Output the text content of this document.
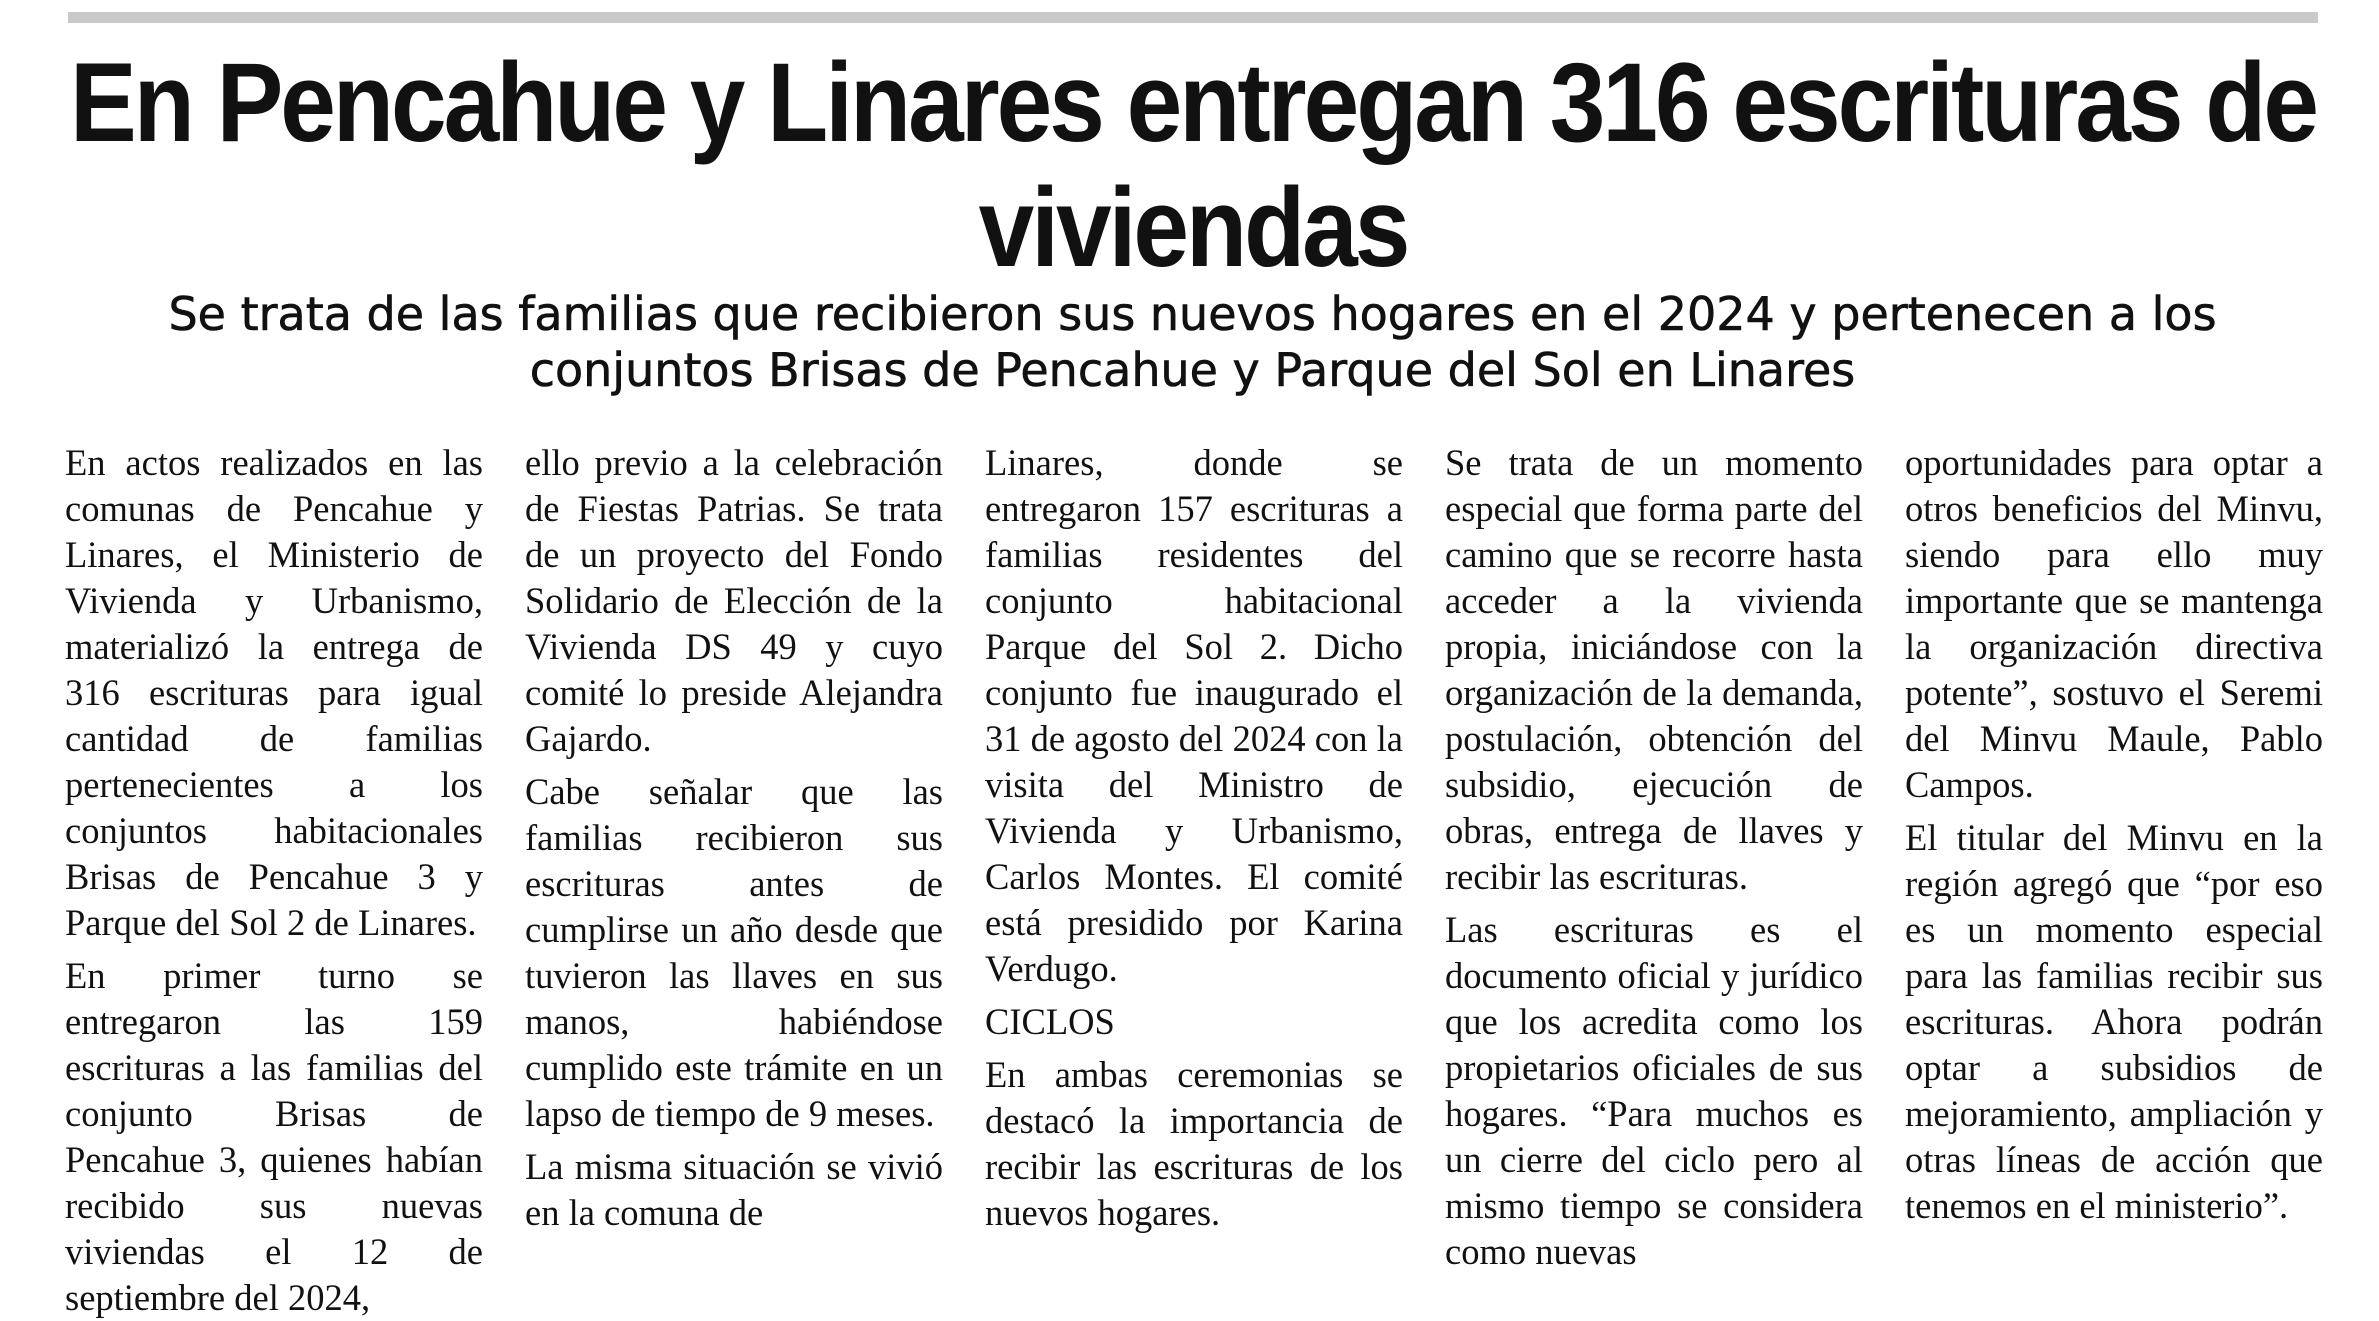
En Pencahue y Linares entregan 316 escrituras de viviendas
Se trata de las familias que recibieron sus nuevos hogares en el 2024 y pertenecen a los conjuntos Brisas de Pencahue y Parque del Sol en Linares

En actos realizados en las comunas de Pencahue y Linares, el Ministerio de Vivienda y Urbanismo, materializó la entrega de 316 escrituras para igual cantidad de familias pertenecientes a los conjuntos habitacionales Brisas de Pencahue 3 y Parque del Sol 2 de Linares.

En primer turno se entregaron las 159 escrituras a las familias del conjunto Brisas de Pencahue 3, quienes habían recibido sus nuevas viviendas el 12 de septiembre del 2024,

ello previo a la celebración de Fiestas Patrias. Se trata de un proyecto del Fondo Solidario de Elección de la Vivienda DS 49 y cuyo comité lo preside Alejandra Gajardo.

Cabe señalar que las familias recibieron sus escrituras antes de cumplirse un año desde que tuvieron las llaves en sus manos, habiéndose cumplido este trámite en un lapso de tiempo de 9 meses.

La misma situación se vivió en la comuna de

Linares, donde se entregaron 157 escrituras a familias residentes del conjunto habitacional Parque del Sol 2. Dicho conjunto fue inaugurado el 31 de agosto del 2024 con la visita del Ministro de Vivienda y Urbanismo, Carlos Montes. El comité está presidido por Karina Verdugo.

CICLOS

En ambas ceremonias se destacó la importancia de recibir las escrituras de los nuevos hogares.

Se trata de un momento especial que forma parte del camino que se recorre hasta acceder a la vivienda propia, iniciándose con la organización de la demanda, postulación, obtención del subsidio, ejecución de obras, entrega de llaves y recibir las escrituras.

Las escrituras es el documento oficial y jurídico que los acredita como los propietarios oficiales de sus hogares. “Para muchos es un cierre del ciclo pero al mismo tiempo se considera como nuevas

oportunidades para optar a otros beneficios del Minvu, siendo para ello muy importante que se mantenga la organización directiva potente”, sostuvo el Seremi del Minvu Maule, Pablo Campos.

El titular del Minvu en la región agregó que “por eso es un momento especial para las familias recibir sus escrituras. Ahora podrán optar a subsidios de mejoramiento, ampliación y otras líneas de acción que tenemos en el ministerio”.
